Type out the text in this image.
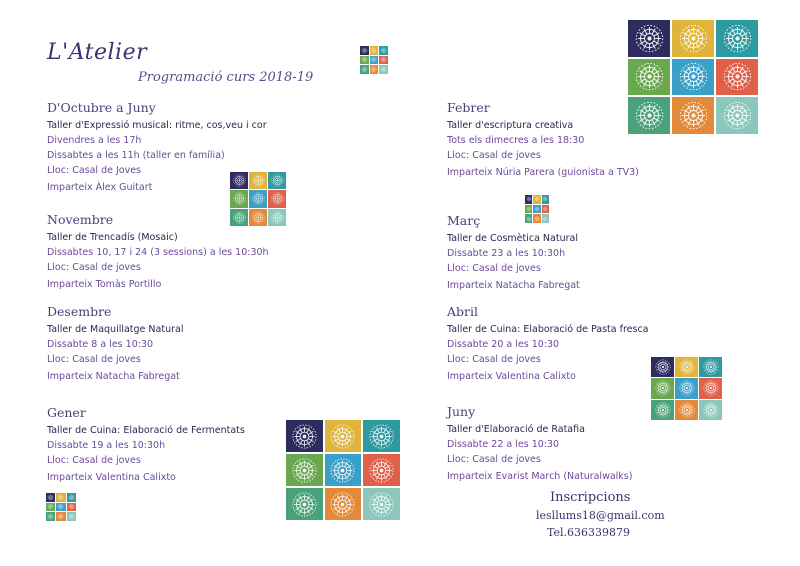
L'Atelier
Programació curs 2018-19
D'Octubre a Juny
Taller d'Expressió musical: ritme, cos,veu i cor
Divendres a les 17h
Dissabtes a les 11h (taller en família)
Lloc: Casal de Joves
Imparteix Àlex Guitart
Novembre
Taller de Trencadís (Mosaic)
Dissabtes 10, 17 i 24 (3 sessions) a les 10:30h
Lloc: Casal de joves
Imparteix Tomàs Portillo
Desembre
Taller de Maquillatge Natural
Dissabte 8 a les 10:30
Lloc: Casal de joves
Imparteix Natacha Fabregat
Gener
Taller de Cuina: Elaboració de Fermentats
Dissabte 19 a les 10:30h
Lloc: Casal de joves
Imparteix Valentina Calixto
Febrer
Taller d'escriptura creativa
Tots els dimecres a les 18:30
Lloc: Casal de joves
Imparteix Núria Parera (guionista a TV3)
Març
Taller de Cosmètica Natural
Dissabte 23 a les 10:30h
Lloc: Casal de joves
Imparteix Natacha Fabregat
Abril
Taller de Cuina: Elaboració de Pasta fresca
Dissabte 20 a les 10:30
Lloc: Casal de joves
Imparteix Valentina Calixto
Juny
Taller d'Elaboració de Ratafia
Dissabte 22 a les 10:30
Lloc: Casal de joves
Imparteix Evarist March (Naturalwalks)
Inscripcions
lesllums18@gmail.com
Tel.636339879
